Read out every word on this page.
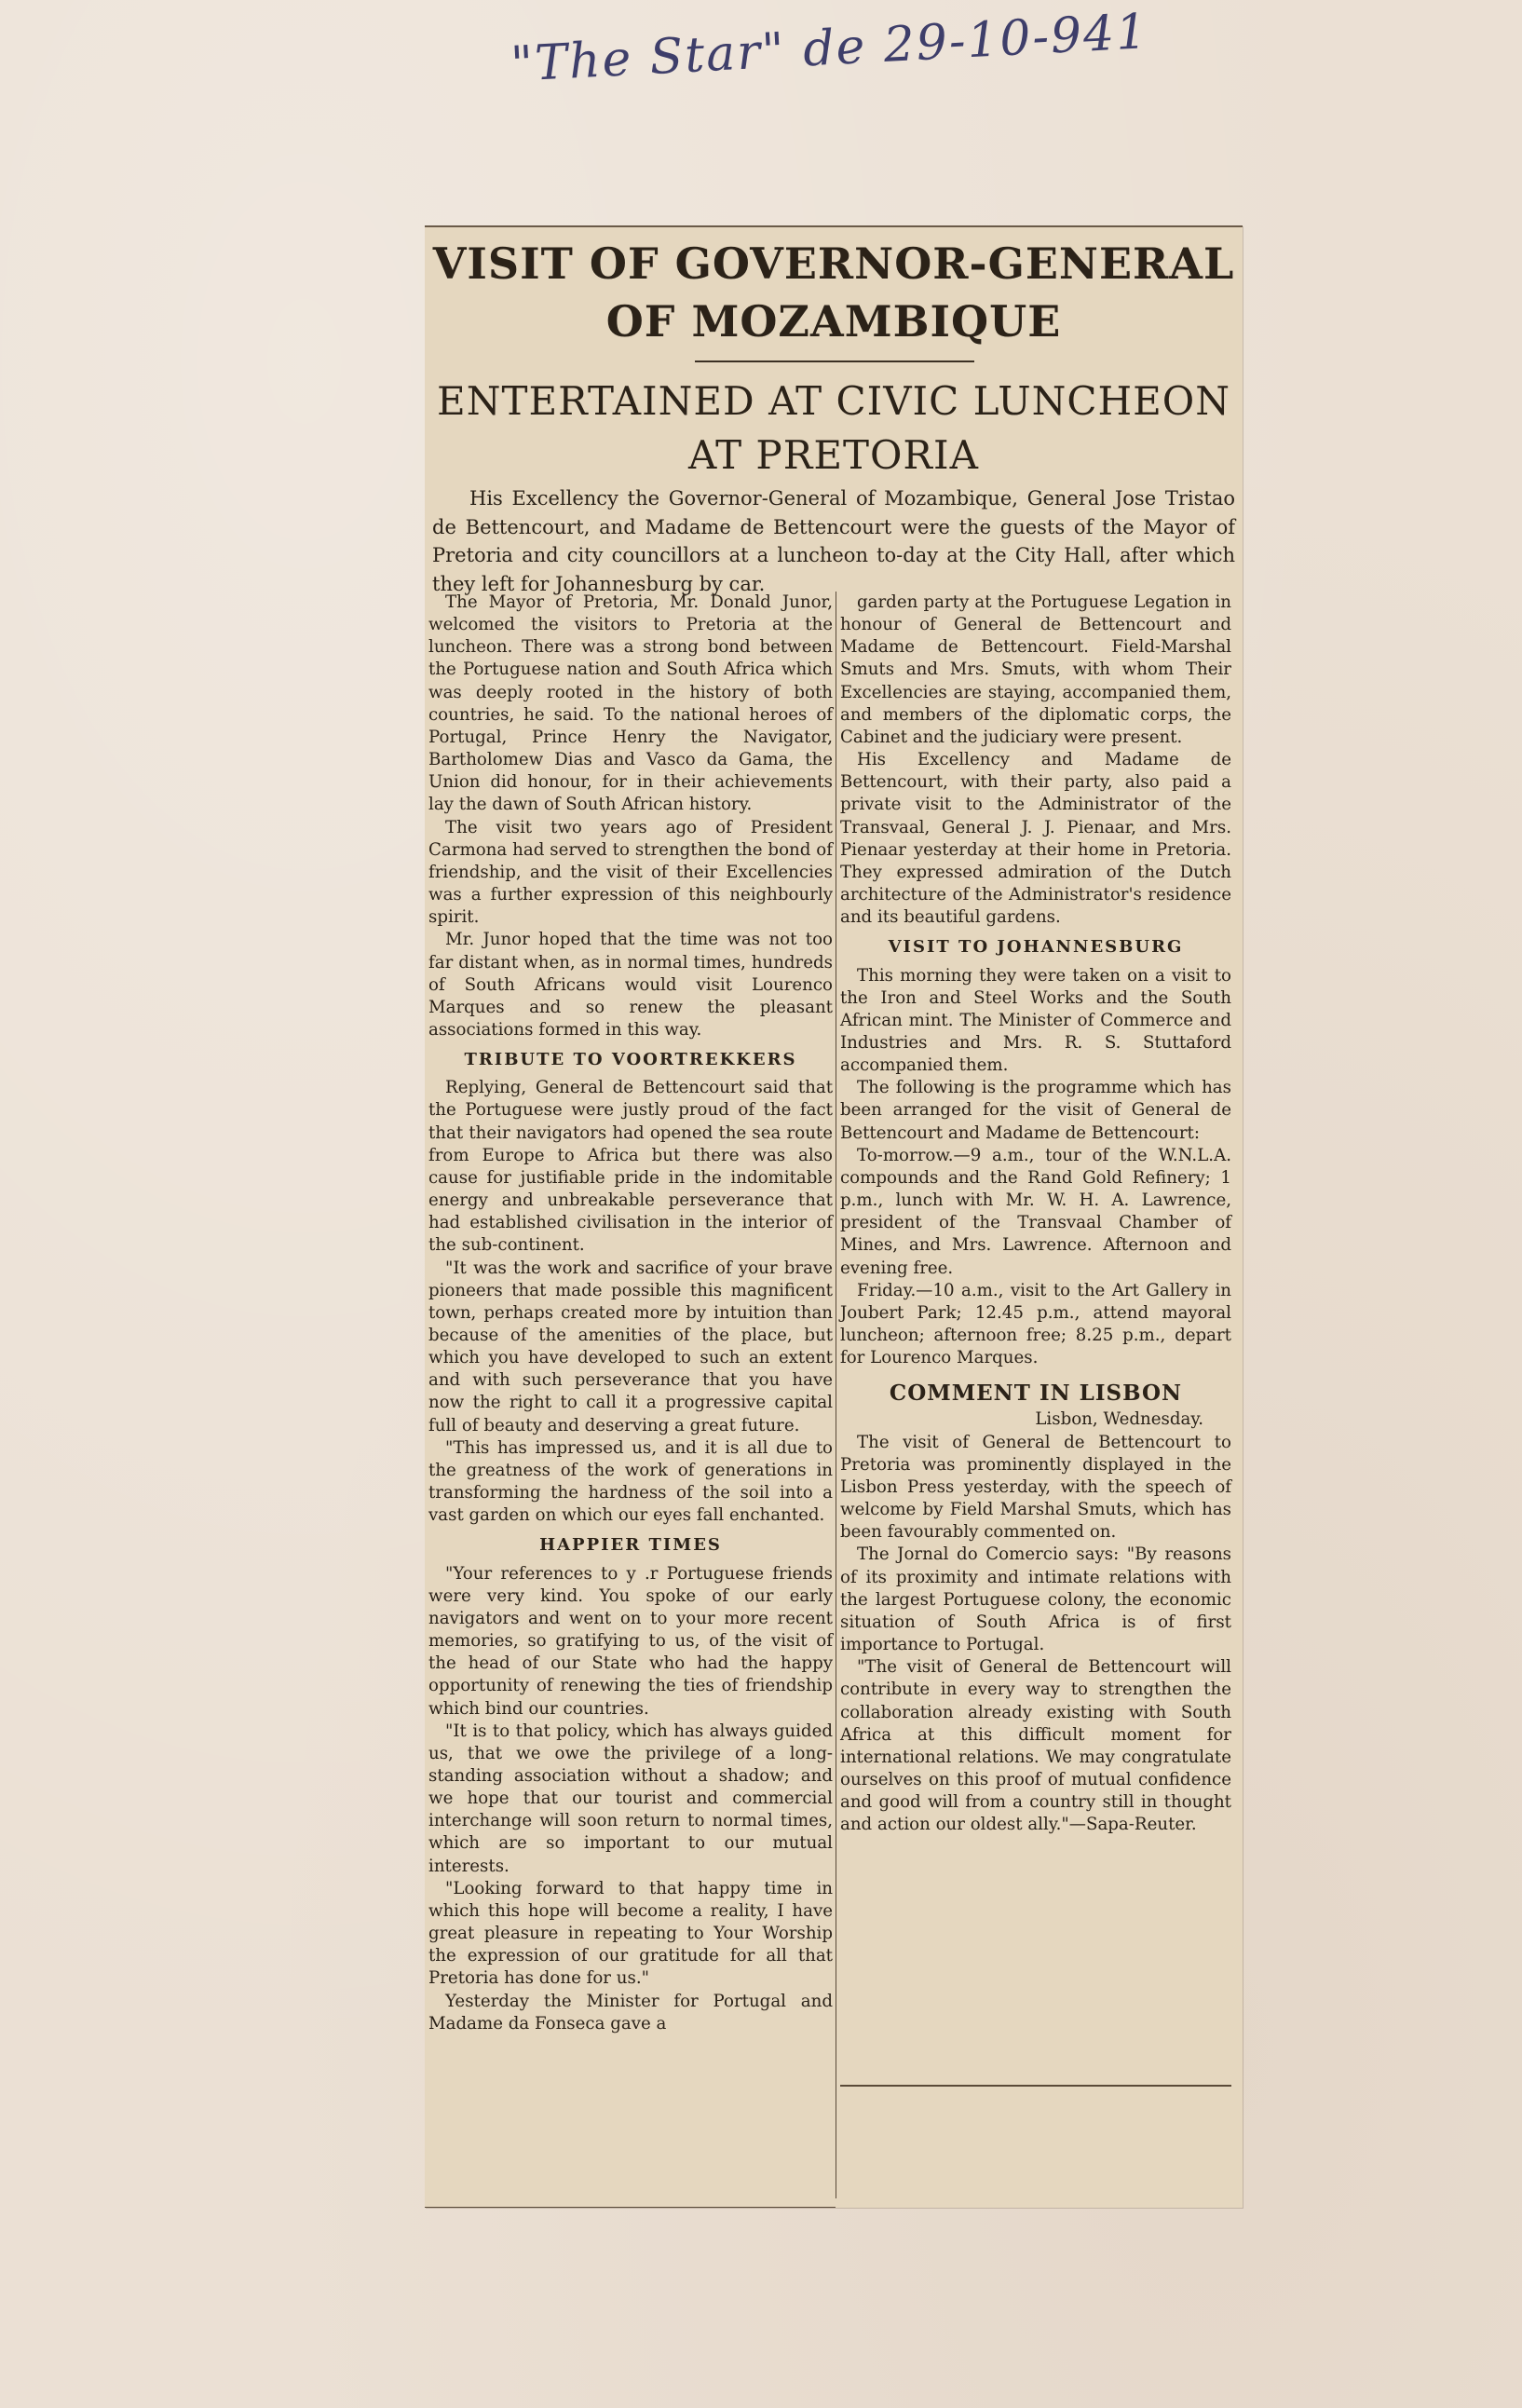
"The Star" de 29-10-941
VISIT OF GOVERNOR-GENERAL
OF MOZAMBIQUE
ENTERTAINED AT CIVIC LUNCHEON
AT PRETORIA

His Excellency the Governor-General of Mozambique, General Jose Tristao de Bettencourt, and Madame de Bettencourt were the guests of the Mayor of Pretoria and city councillors at a luncheon to-day at the City Hall, after which they left for Johannesburg by car.

The Mayor of Pretoria, Mr. Donald Junor, welcomed the visitors to Pretoria at the luncheon. There was a strong bond between the Portuguese nation and South Africa which was deeply rooted in the history of both countries, he said. To the national heroes of Portugal, Prince Henry the Navigator, Bartholomew Dias and Vasco da Gama, the Union did honour, for in their achievements lay the dawn of South African history.

The visit two years ago of President Carmona had served to strengthen the bond of friendship, and the visit of their Excellencies was a further expression of this neighbourly spirit.

Mr. Junor hoped that the time was not too far distant when, as in normal times, hundreds of South Africans would visit Lourenco Marques and so renew the pleasant associations formed in this way.

TRIBUTE TO VOORTREKKERS

Replying, General de Bettencourt said that the Portuguese were justly proud of the fact that their navigators had opened the sea route from Europe to Africa but there was also cause for justifiable pride in the indomitable energy and unbreakable perseverance that had established civilisation in the interior of the sub-continent.

"It was the work and sacrifice of your brave pioneers that made possible this magnificent town, perhaps created more by intuition than because of the amenities of the place, but which you have developed to such an extent and with such perseverance that you have now the right to call it a progressive capital full of beauty and deserving a great future.

"This has impressed us, and it is all due to the greatness of the work of generations in transforming the hardness of the soil into a vast garden on which our eyes fall enchanted.

HAPPIER TIMES

"Your references to y .r Portuguese friends were very kind. You spoke of our early navigators and went on to your more recent memories, so gratifying to us, of the visit of the head of our State who had the happy opportunity of renewing the ties of friendship which bind our countries.

"It is to that policy, which has always guided us, that we owe the privilege of a long-standing association without a shadow; and we hope that our tourist and commercial interchange will soon return to normal times, which are so important to our mutual interests.

"Looking forward to that happy time in which this hope will become a reality, I have great pleasure in repeating to Your Worship the expression of our gratitude for all that Pretoria has done for us."

Yesterday the Minister for Portugal and Madame da Fonseca gave a

garden party at the Portuguese Legation in honour of General de Bettencourt and Madame de Bettencourt. Field-Marshal Smuts and Mrs. Smuts, with whom Their Excellencies are staying, accompanied them, and members of the diplomatic corps, the Cabinet and the judiciary were present.

His Excellency and Madame de Bettencourt, with their party, also paid a private visit to the Administrator of the Transvaal, General J. J. Pienaar, and Mrs. Pienaar yesterday at their home in Pretoria. They expressed admiration of the Dutch architecture of the Administrator's residence and its beautiful gardens.

VISIT TO JOHANNESBURG

This morning they were taken on a visit to the Iron and Steel Works and the South African mint. The Minister of Commerce and Industries and Mrs. R. S. Stuttaford accompanied them.

The following is the programme which has been arranged for the visit of General de Bettencourt and Madame de Bettencourt:

To-morrow.—9 a.m., tour of the W.N.L.A. compounds and the Rand Gold Refinery; 1 p.m., lunch with Mr. W. H. A. Lawrence, president of the Transvaal Chamber of Mines, and Mrs. Lawrence. Afternoon and evening free.

Friday.—10 a.m., visit to the Art Gallery in Joubert Park; 12.45 p.m., attend mayoral luncheon; afternoon free; 8.25 p.m., depart for Lourenco Marques.

COMMENT IN LISBON

Lisbon, Wednesday.

The visit of General de Bettencourt to Pretoria was prominently displayed in the Lisbon Press yesterday, with the speech of welcome by Field Marshal Smuts, which has been favourably commented on.

The Jornal do Comercio says: "By reasons of its proximity and intimate relations with the largest Portuguese colony, the economic situation of South Africa is of first importance to Portugal.

"The visit of General de Bettencourt will contribute in every way to strengthen the collaboration already existing with South Africa at this difficult moment for international relations. We may congratulate ourselves on this proof of mutual confidence and good will from a country still in thought and action our oldest ally."—Sapa-Reuter.
